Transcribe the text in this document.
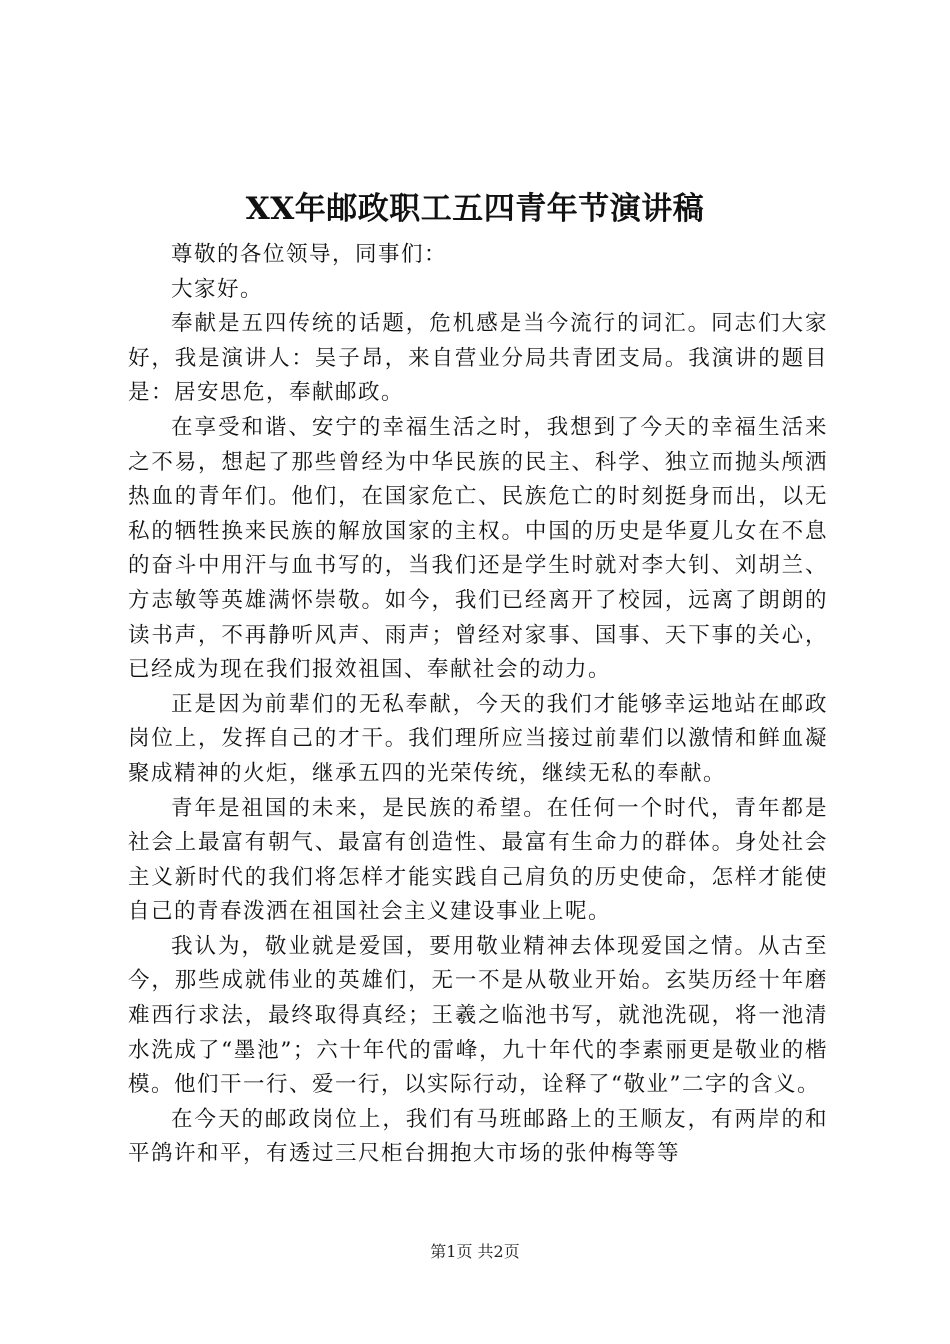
XX年邮政职工五四青年节演讲稿

尊敬的各位领导，同事们：

大家好。

奉献是五四传统的话题，危机感是当今流行的词汇。同志们大家好，我是演讲人：吴子昂，来自营业分局共青团支局。我演讲的题目是：居安思危，奉献邮政。

在享受和谐、安宁的幸福生活之时，我想到了今天的幸福生活来之不易，想起了那些曾经为中华民族的民主、科学、独立而抛头颅洒热血的青年们。他们，在国家危亡、民族危亡的时刻挺身而出，以无私的牺牲换来民族的解放国家的主权。中国的历史是华夏儿女在不息的奋斗中用汗与血书写的，当我们还是学生时就对李大钊、刘胡兰、方志敏等英雄满怀崇敬。如今，我们已经离开了校园，远离了朗朗的读书声，不再静听风声、雨声；曾经对家事、国事、天下事的关心，已经成为现在我们报效祖国、奉献社会的动力。

正是因为前辈们的无私奉献，今天的我们才能够幸运地站在邮政岗位上，发挥自己的才干。我们理所应当接过前辈们以激情和鲜血凝聚成精神的火炬，继承五四的光荣传统，继续无私的奉献。

青年是祖国的未来，是民族的希望。在任何一个时代，青年都是社会上最富有朝气、最富有创造性、最富有生命力的群体。身处社会主义新时代的我们将怎样才能实践自己肩负的历史使命，怎样才能使自己的青春泼洒在祖国社会主义建设事业上呢。

我认为，敬业就是爱国，要用敬业精神去体现爱国之情。从古至今，那些成就伟业的英雄们，无一不是从敬业开始。玄奘历经十年磨难西行求法，最终取得真经；王羲之临池书写，就池洗砚，将一池清水洗成了“墨池”；六十年代的雷峰，九十年代的李素丽更是敬业的楷模。他们干一行、爱一行，以实际行动，诠释了“敬业”二字的含义。

在今天的邮政岗位上，我们有马班邮路上的王顺友，有两岸的和平鸽许和平，有透过三尺柜台拥抱大市场的张仲梅等等

第1页 共2页
